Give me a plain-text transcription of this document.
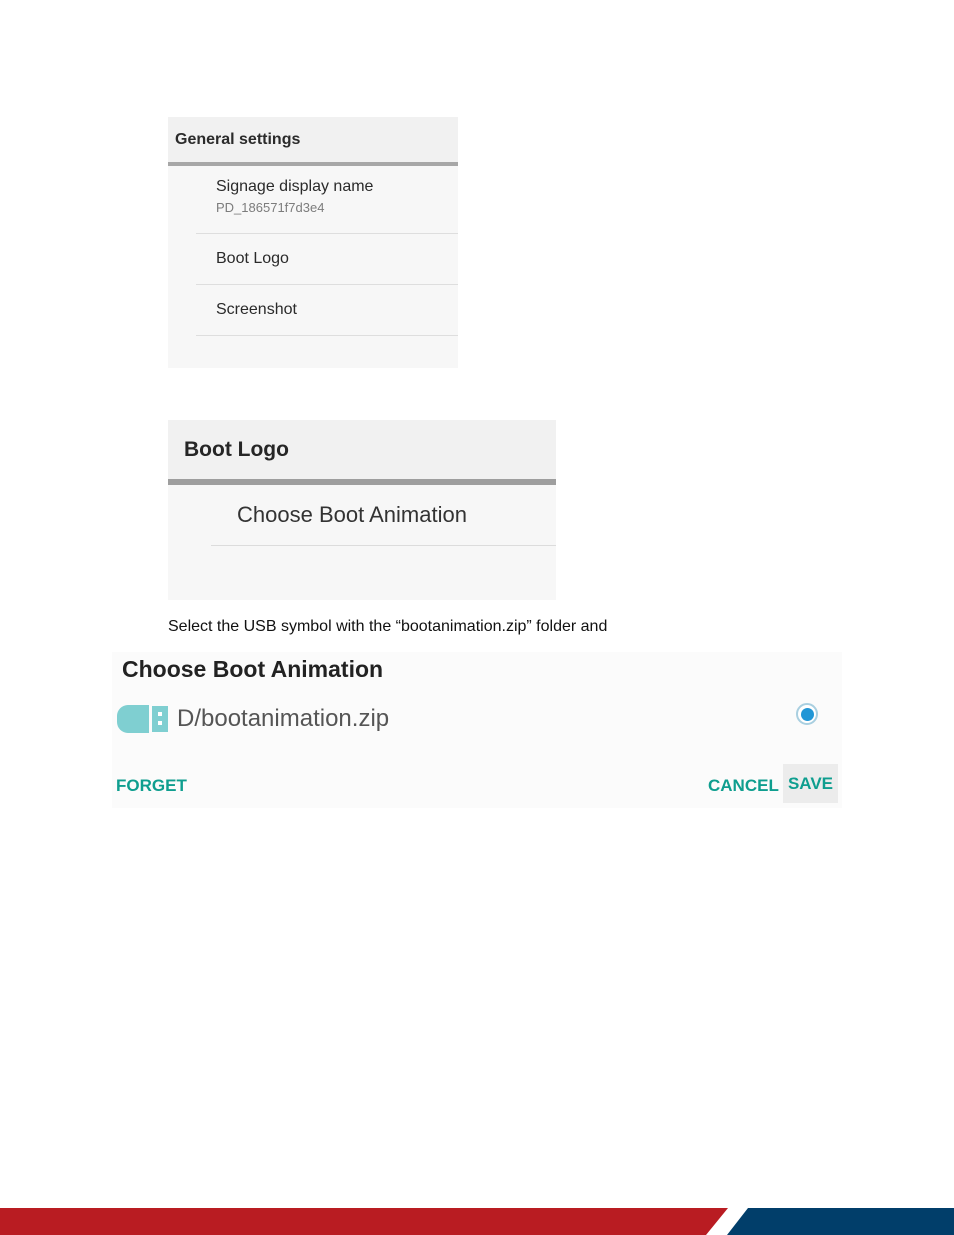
General settings
Signage display name
PD_186571f7d3e4
Boot Logo
Screenshot
Boot Logo
Choose Boot Animation
Select the USB symbol with the “bootanimation.zip” folder and
Choose Boot Animation
D/bootanimation.zip
FORGET	CANCEL SAVE
